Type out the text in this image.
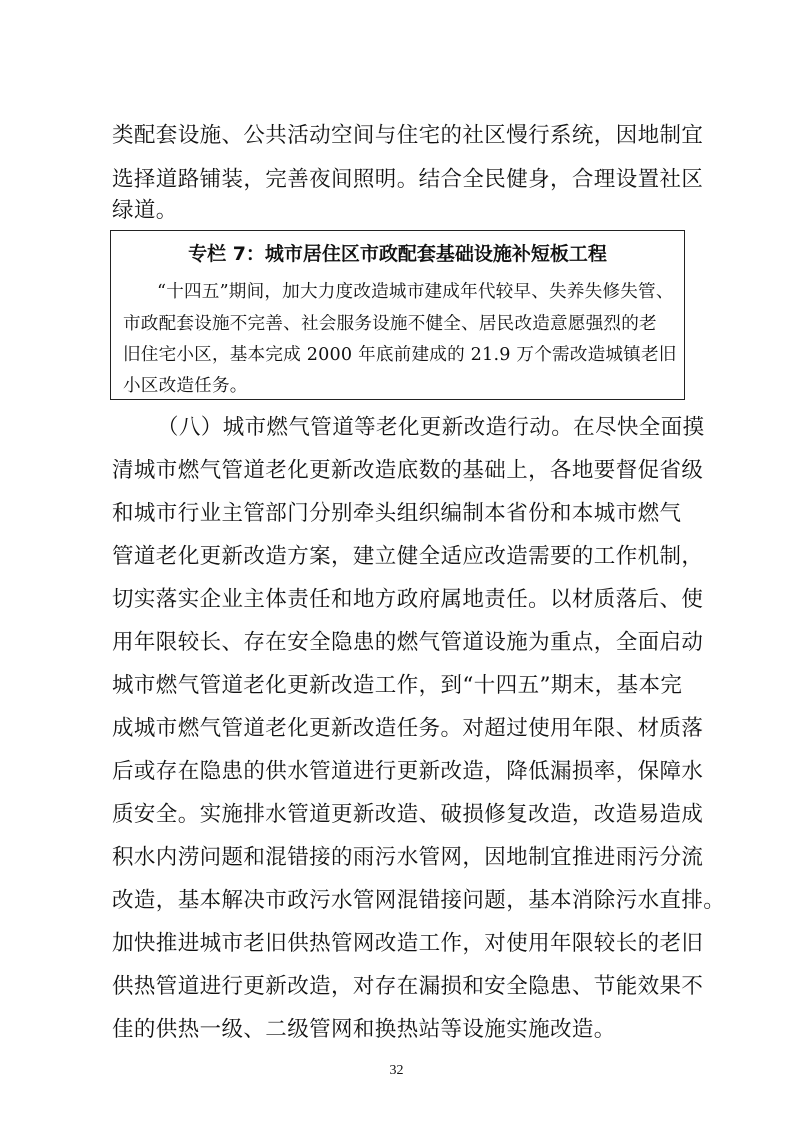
类配套设施、公共活动空间与住宅的社区慢行系统，因地制宜
选择道路铺装，完善夜间照明。结合全民健身，合理设置社区
绿道。
专栏 7：城市居住区市政配套基础设施补短板工程
“十四五”期间，加大力度改造城市建成年代较早、失养失修失管、
市政配套设施不完善、社会服务设施不健全、居民改造意愿强烈的老
旧住宅小区，基本完成 2000 年底前建成的 21.9 万个需改造城镇老旧
小区改造任务。
（八）城市燃气管道等老化更新改造行动。在尽快全面摸
清城市燃气管道老化更新改造底数的基础上，各地要督促省级
和城市行业主管部门分别牵头组织编制本省份和本城市燃气
管道老化更新改造方案，建立健全适应改造需要的工作机制，
切实落实企业主体责任和地方政府属地责任。以材质落后、使
用年限较长、存在安全隐患的燃气管道设施为重点，全面启动
城市燃气管道老化更新改造工作，到“十四五”期末，基本完
成城市燃气管道老化更新改造任务。对超过使用年限、材质落
后或存在隐患的供水管道进行更新改造，降低漏损率，保障水
质安全。实施排水管道更新改造、破损修复改造，改造易造成
积水内涝问题和混错接的雨污水管网，因地制宜推进雨污分流
改造，基本解决市政污水管网混错接问题，基本消除污水直排。
加快推进城市老旧供热管网改造工作，对使用年限较长的老旧
供热管道进行更新改造，对存在漏损和安全隐患、节能效果不
佳的供热一级、二级管网和换热站等设施实施改造。
32
